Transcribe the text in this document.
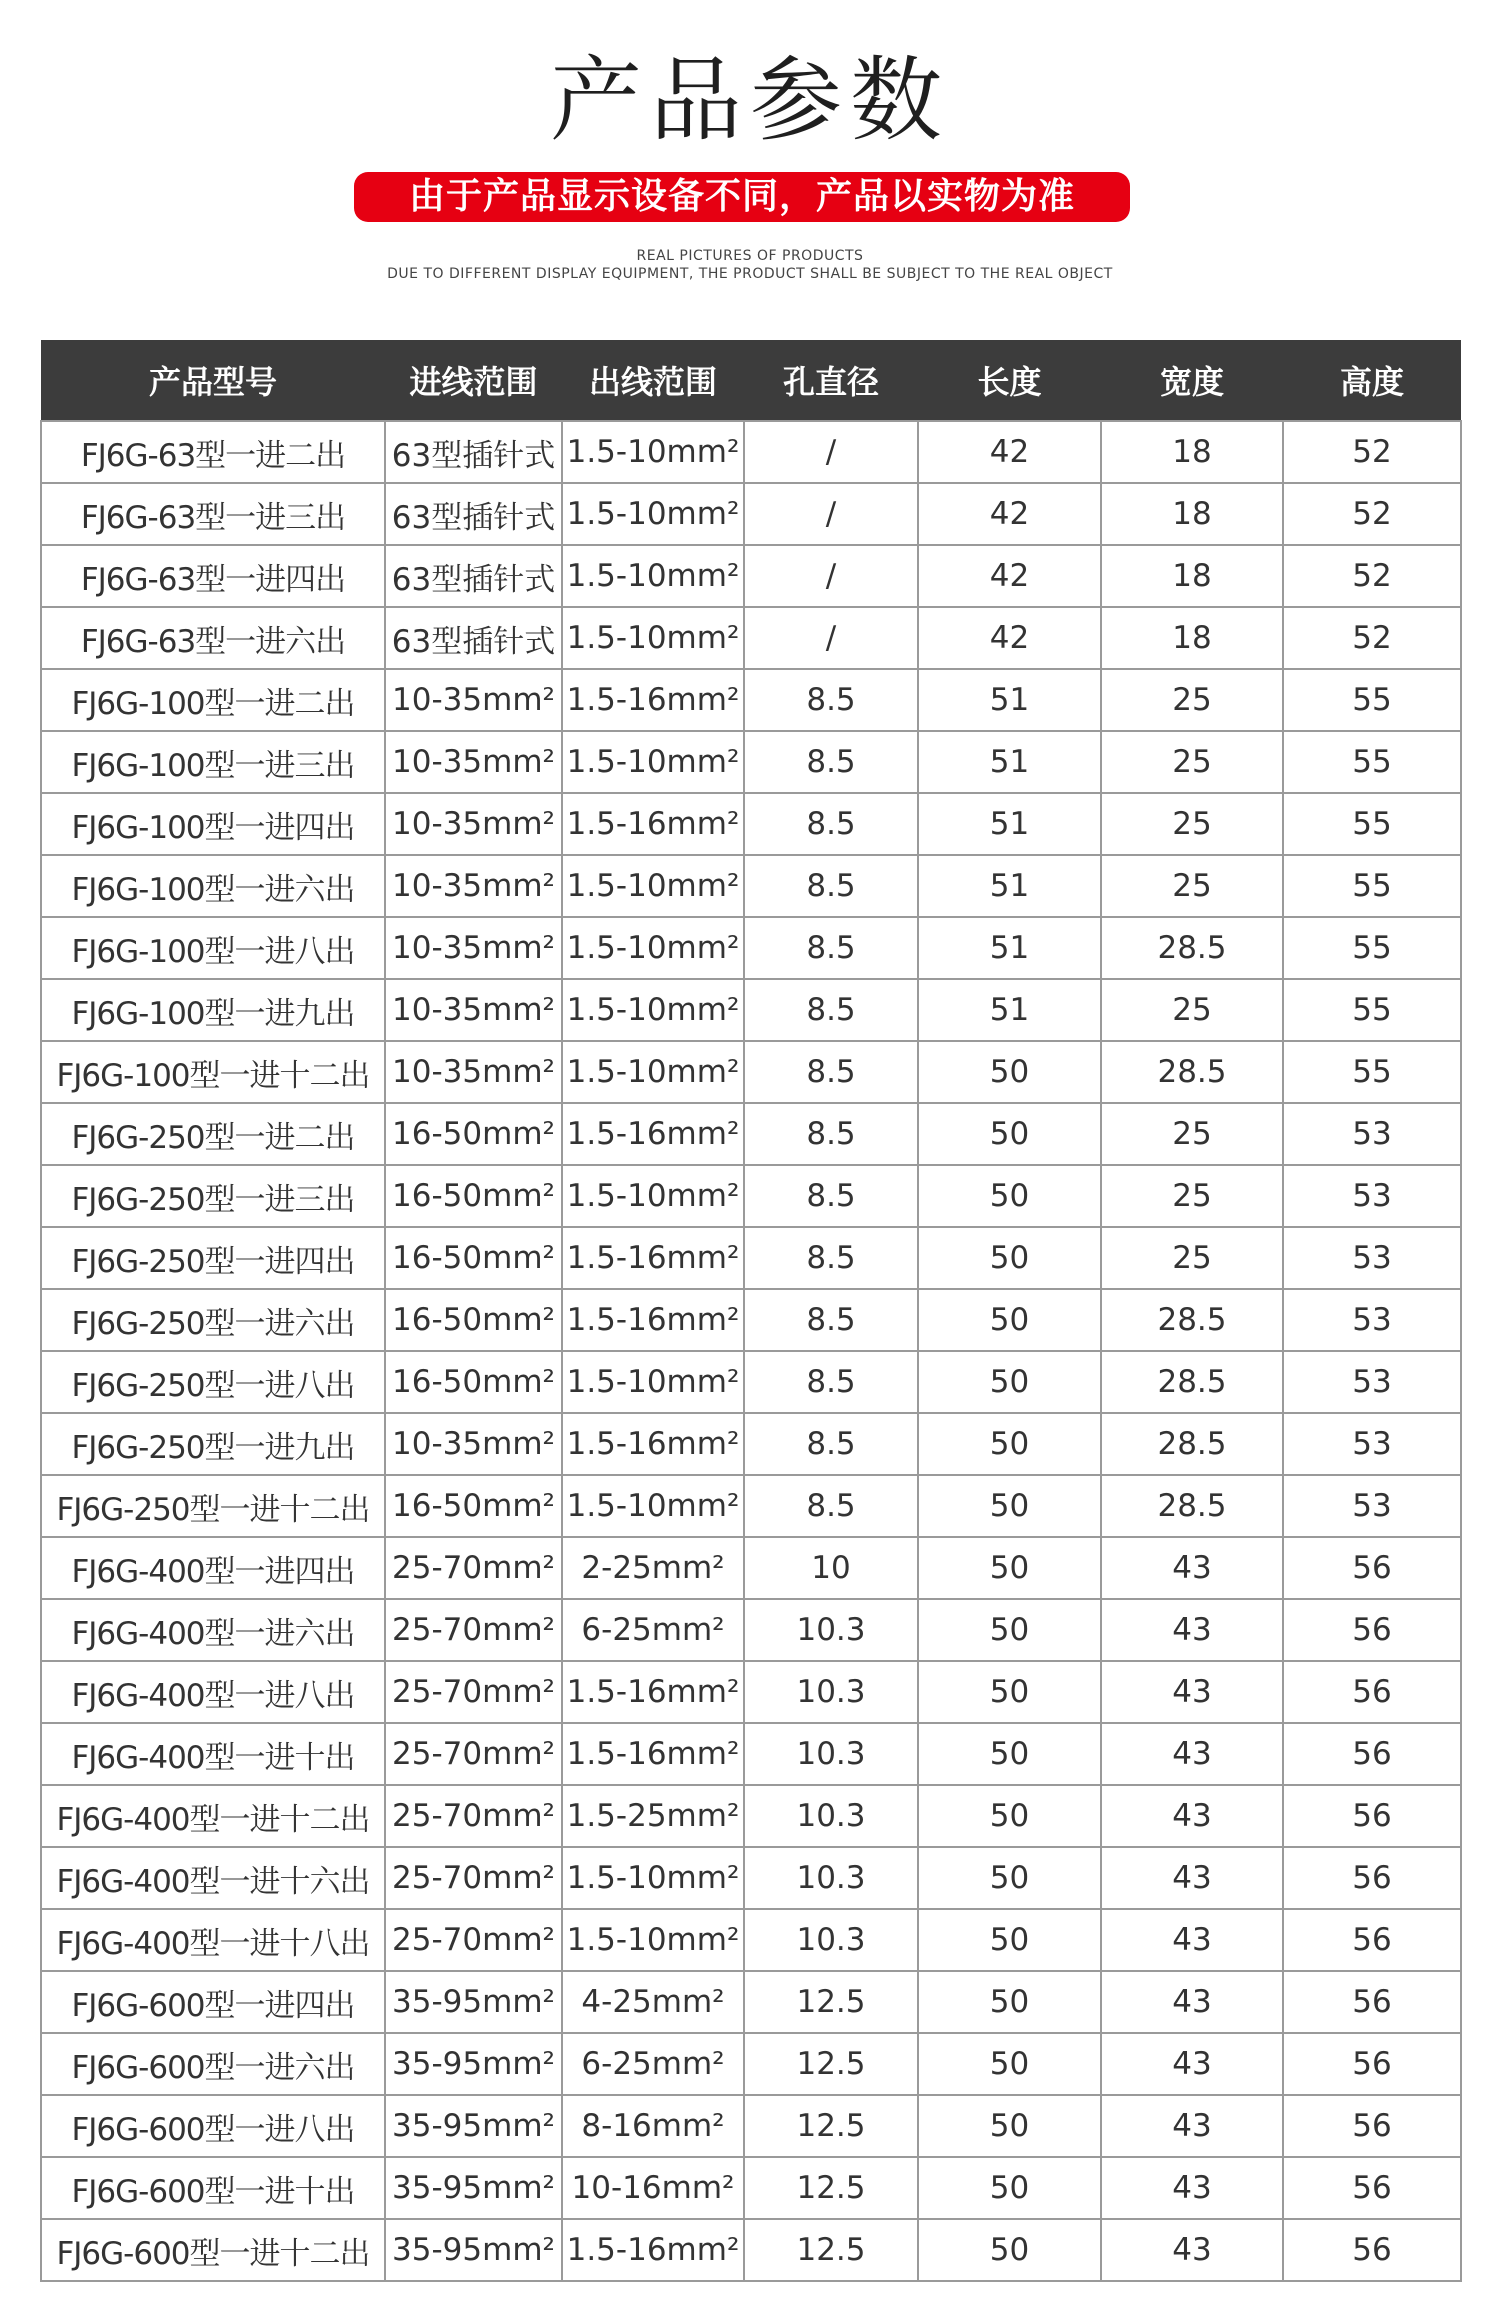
产品参数
由于产品显示设备不同，产品以实物为准
REAL PICTURES OF PRODUCTS
DUE TO DIFFERENT DISPLAY EQUIPMENT, THE PRODUCT SHALL BE SUBJECT TO THE REAL OBJECT
产品型号	进线范围	出线范围	孔直径	长度	宽度	高度
FJ6G-63型一进二出	63型插针式	1.5-10mm²	/	42	18	52
FJ6G-63型一进三出	63型插针式	1.5-10mm²	/	42	18	52
FJ6G-63型一进四出	63型插针式	1.5-10mm²	/	42	18	52
FJ6G-63型一进六出	63型插针式	1.5-10mm²	/	42	18	52
FJ6G-100型一进二出	10-35mm²	1.5-16mm²	8.5	51	25	55
FJ6G-100型一进三出	10-35mm²	1.5-10mm²	8.5	51	25	55
FJ6G-100型一进四出	10-35mm²	1.5-16mm²	8.5	51	25	55
FJ6G-100型一进六出	10-35mm²	1.5-10mm²	8.5	51	25	55
FJ6G-100型一进八出	10-35mm²	1.5-10mm²	8.5	51	28.5	55
FJ6G-100型一进九出	10-35mm²	1.5-10mm²	8.5	51	25	55
FJ6G-100型一进十二出	10-35mm²	1.5-10mm²	8.5	50	28.5	55
FJ6G-250型一进二出	16-50mm²	1.5-16mm²	8.5	50	25	53
FJ6G-250型一进三出	16-50mm²	1.5-10mm²	8.5	50	25	53
FJ6G-250型一进四出	16-50mm²	1.5-16mm²	8.5	50	25	53
FJ6G-250型一进六出	16-50mm²	1.5-16mm²	8.5	50	28.5	53
FJ6G-250型一进八出	16-50mm²	1.5-10mm²	8.5	50	28.5	53
FJ6G-250型一进九出	10-35mm²	1.5-16mm²	8.5	50	28.5	53
FJ6G-250型一进十二出	16-50mm²	1.5-10mm²	8.5	50	28.5	53
FJ6G-400型一进四出	25-70mm²	2-25mm²	10	50	43	56
FJ6G-400型一进六出	25-70mm²	6-25mm²	10.3	50	43	56
FJ6G-400型一进八出	25-70mm²	1.5-16mm²	10.3	50	43	56
FJ6G-400型一进十出	25-70mm²	1.5-16mm²	10.3	50	43	56
FJ6G-400型一进十二出	25-70mm²	1.5-25mm²	10.3	50	43	56
FJ6G-400型一进十六出	25-70mm²	1.5-10mm²	10.3	50	43	56
FJ6G-400型一进十八出	25-70mm²	1.5-10mm²	10.3	50	43	56
FJ6G-600型一进四出	35-95mm²	4-25mm²	12.5	50	43	56
FJ6G-600型一进六出	35-95mm²	6-25mm²	12.5	50	43	56
FJ6G-600型一进八出	35-95mm²	8-16mm²	12.5	50	43	56
FJ6G-600型一进十出	35-95mm²	10-16mm²	12.5	50	43	56
FJ6G-600型一进十二出	35-95mm²	1.5-16mm²	12.5	50	43	56
